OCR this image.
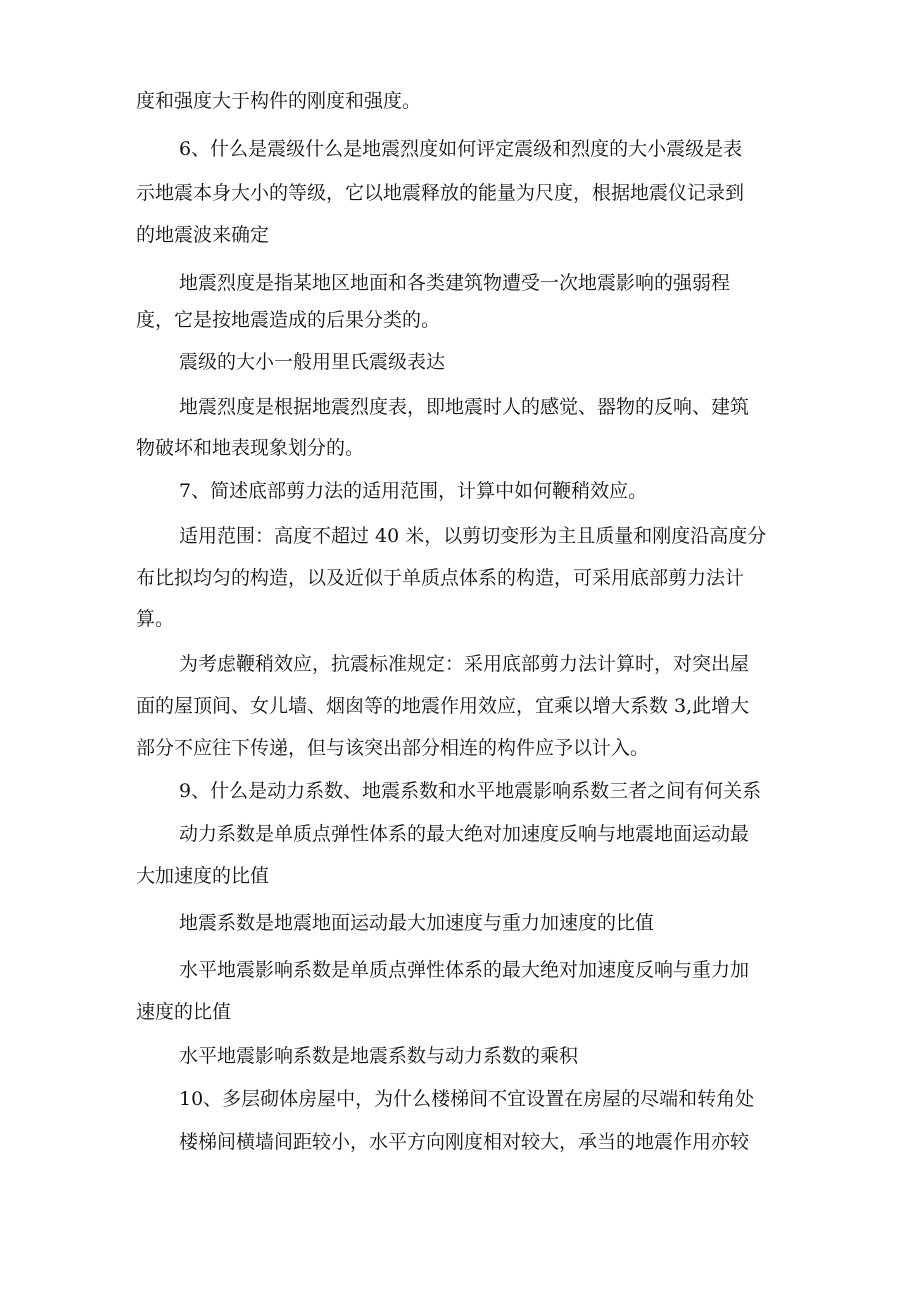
度和强度大于构件的刚度和强度。

6、什么是震级什么是地震烈度如何评定震级和烈度的大小震级是表

示地震本身大小的等级，它以地震释放的能量为尺度，根据地震仪记录到

的地震波来确定

地震烈度是指某地区地面和各类建筑物遭受一次地震影响的强弱程

度，它是按地震造成的后果分类的。

震级的大小一般用里氏震级表达

地震烈度是根据地震烈度表，即地震时人的感觉、器物的反响、建筑

物破坏和地表现象划分的。

7、简述底部剪力法的适用范围，计算中如何鞭稍效应。

适用范围：高度不超过 40 米，以剪切变形为主且质量和刚度沿高度分

布比拟均匀的构造，以及近似于单质点体系的构造，可采用底部剪力法计

算。

为考虑鞭稍效应，抗震标准规定：采用底部剪力法计算时，对突出屋

面的屋顶间、女儿墙、烟囱等的地震作用效应，宜乘以增大系数 3,此增大

部分不应往下传递，但与该突出部分相连的构件应予以计入。

9、什么是动力系数、地震系数和水平地震影响系数三者之间有何关系

动力系数是单质点弹性体系的最大绝对加速度反响与地震地面运动最

大加速度的比值

地震系数是地震地面运动最大加速度与重力加速度的比值

水平地震影响系数是单质点弹性体系的最大绝对加速度反响与重力加

速度的比值

水平地震影响系数是地震系数与动力系数的乘积

10、多层砌体房屋中，为什么楼梯间不宜设置在房屋的尽端和转角处

楼梯间横墙间距较小，水平方向刚度相对较大，承当的地震作用亦较
